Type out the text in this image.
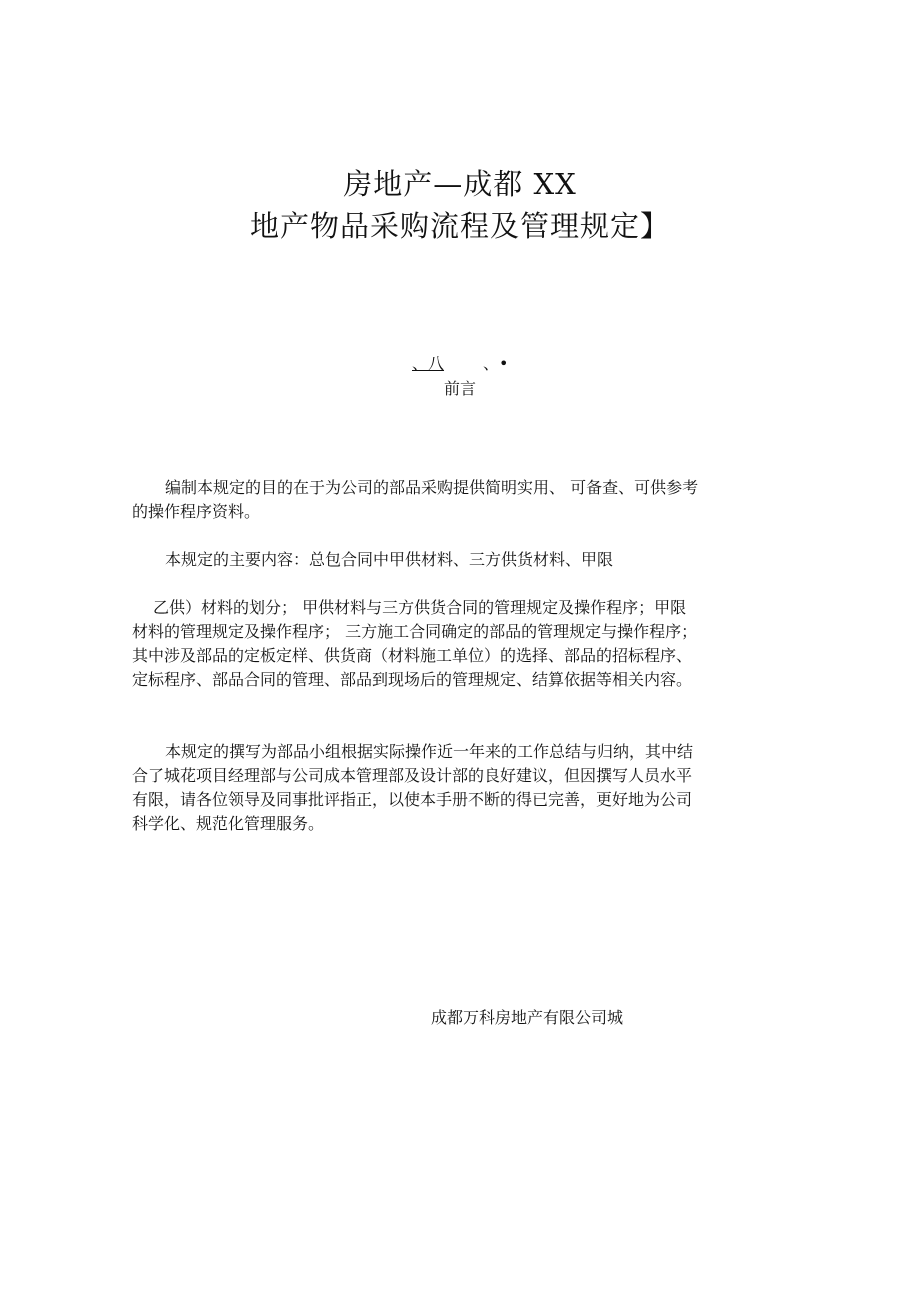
房地产—成都 XX
地产物品采购流程及管理规定】
、八 、•
前言

编制本规定的目的在于为公司的部品采购提供简明实用、 可备查、可供参考的操作程序资料。

本规定的主要内容：总包合同中甲供材料、三方供货材料、甲限

乙供）材料的划分； 甲供材料与三方供货合同的管理规定及操作程序；甲限材料的管理规定及操作程序； 三方施工合同确定的部品的管理规定与操作程序；其中涉及部品的定板定样、供货商（材料施工单位）的选择、部品的招标程序、定标程序、部品合同的管理、部品到现场后的管理规定、结算依据等相关内容。

本规定的撰写为部品小组根据实际操作近一年来的工作总结与归纳，其中结合了城花项目经理部与公司成本管理部及设计部的良好建议，但因撰写人员水平有限，请各位领导及同事批评指正，以使本手册不断的得已完善，更好地为公司科学化、规范化管理服务。

成都万科房地产有限公司城
